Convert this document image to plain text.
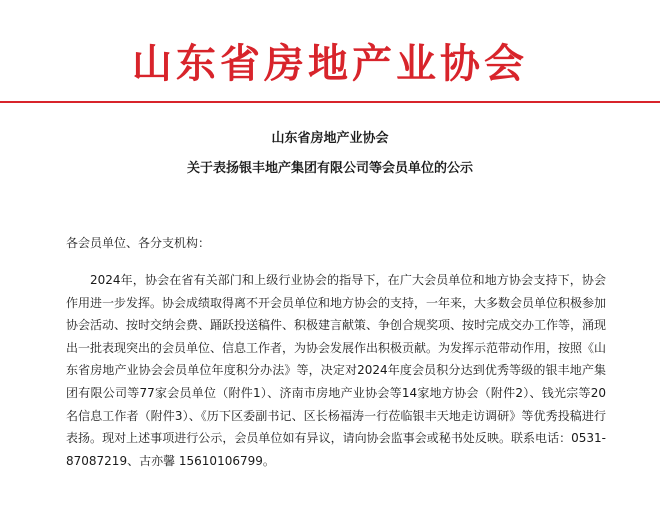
山东省房地产业协会
山东省房地产业协会
关于表扬银丰地产集团有限公司等会员单位的公示
各会员单位、各分支机构：
2024年，协会在省有关部门和上级行业协会的指导下，在广大会员单位和地方协会支持下，协会作用进一步发挥。协会成绩取得离不开会员单位和地方协会的支持，一年来，大多数会员单位积极参加协会活动、按时交纳会费、踊跃投送稿件、积极建言献策、争创合规奖项、按时完成交办工作等，涌现出一批表现突出的会员单位、信息工作者，为协会发展作出积极贡献。为发挥示范带动作用，按照《山东省房地产业协会会员单位年度积分办法》等，决定对2024年度会员积分达到优秀等级的银丰地产集团有限公司等77家会员单位（附件1）、济南市房地产业协会等14家地方协会（附件2）、钱光宗等20名信息工作者（附件3）、《历下区委副书记、区长杨福涛一行莅临银丰天地走访调研》等优秀投稿进行表扬。现对上述事项进行公示，会员单位如有异议，请向协会监事会或秘书处反映。联系电话：0531-87087219、古亦馨 15610106799。
